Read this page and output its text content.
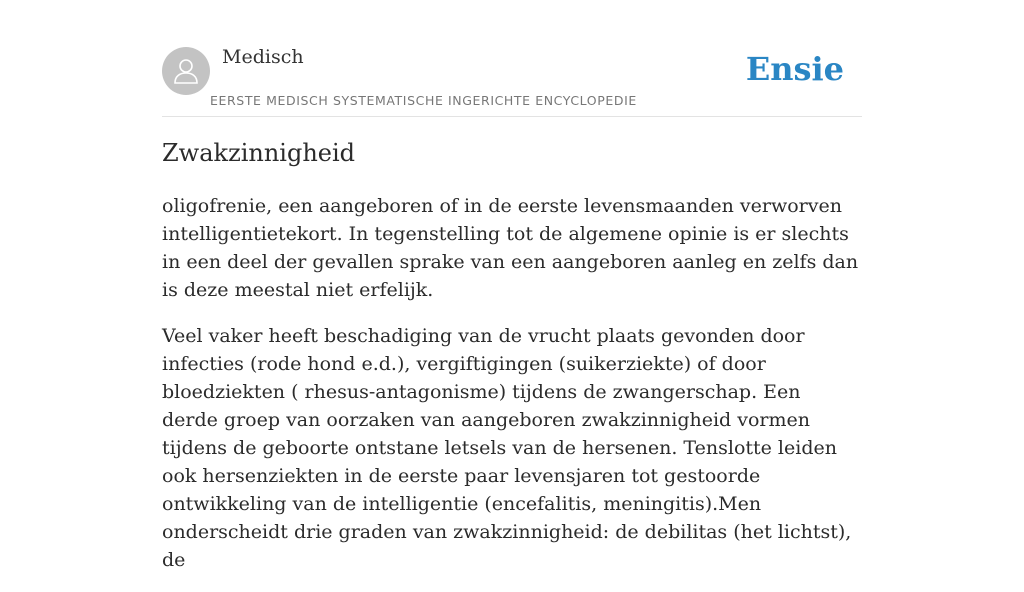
Medisch
EERSTE MEDISCH SYSTEMATISCHE INGERICHTE ENCYCLOPEDIE
Ensie
Zwakzinnigheid

oligofrenie, een aangeboren of in de eerste levensmaanden verworven intelligentietekort. In tegenstelling tot de algemene opinie is er slechts in een deel der gevallen sprake van een aangeboren aanleg en zelfs dan is deze meestal niet erfelijk.

Veel vaker heeft beschadiging van de vrucht plaats gevonden door infecties (rode hond e.d.), vergiftigingen (suikerziekte) of door bloedziekten ( rhesus-antagonisme) tijdens de zwangerschap. Een derde groep van oorzaken van aangeboren zwakzinnigheid vormen tijdens de geboorte ontstane letsels van de hersenen. Tenslotte leiden ook hersenziekten in de eerste paar levensjaren tot gestoorde ontwikkeling van de intelligentie (encefalitis, meningitis).Men onderscheidt drie graden van zwakzinnigheid: de debilitas (het lichtst), de
